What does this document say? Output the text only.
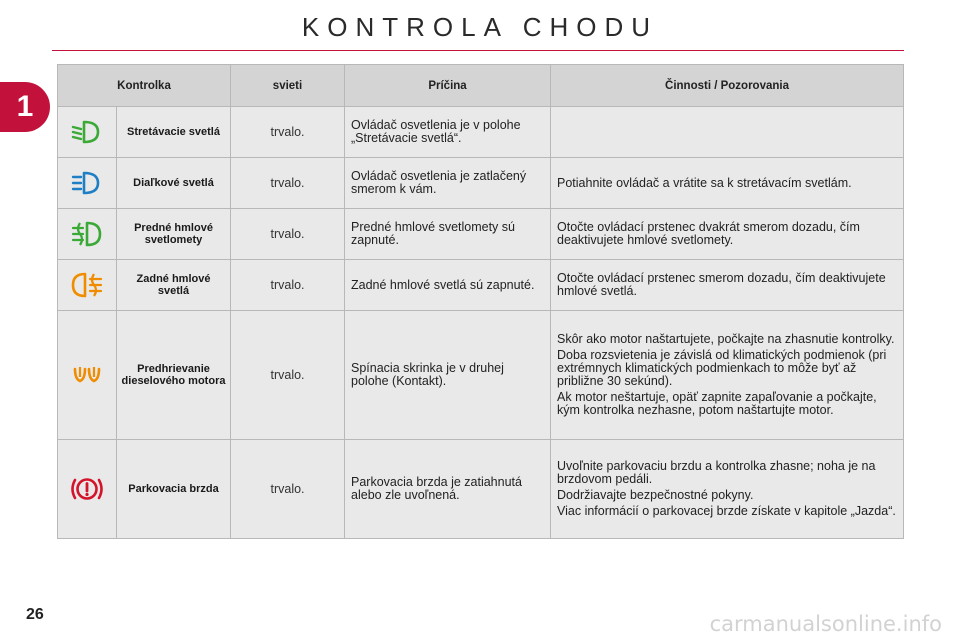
KONTROLA CHODU
1
Kontrolka		svieti	Príčina	Činnosti / Pozorovania
	Stretávacie svetlá	trvalo.	Ovládač osvetlenia je v polohe „Stretávacie svetlá“.	
	Diaľkové svetlá	trvalo.	Ovládač osvetlenia je zatlačený smerom k vám.	Potiahnite ovládač a vrátite sa k stretávacím svetlám.

	Predné hmlové svetlomety	trvalo.	Predné hmlové svetlomety sú zapnuté.	Otočte ovládací prstenec dvakrát smerom dozadu, čím deaktivujete hmlové svetlomety.

	Zadné hmlové svetlá	trvalo.	Zadné hmlové svetlá sú zapnuté.	Otočte ovládací prstenec smerom dozadu, čím deaktivujete hmlové svetlá.

	Predhrievanie dieselového motora	trvalo.	Spínacia skrinka je v druhej polohe (Kontakt).	Skôr ako motor naštartujete, počkajte na zhasnutie kontrolky.

Doba rozsvietenia je závislá od klimatických podmienok (pri extrémnych klimatických podmienkach to môže byť až približne 30 sekúnd).

Ak motor neštartuje, opäť zapnite zapaľovanie a počkajte, kým kontrolka nezhasne, potom naštartujte motor.

	Parkovacia brzda	trvalo.	Parkovacia brzda je zatiahnutá alebo zle uvoľnená.	Uvoľnite parkovaciu brzdu a kontrolka zhasne; noha je na brzdovom pedáli.

Dodržiavajte bezpečnostné pokyny.

Viac informácií o parkovacej brzde získate v kapitole „Jazda“.

26	carmanualsonline.info
